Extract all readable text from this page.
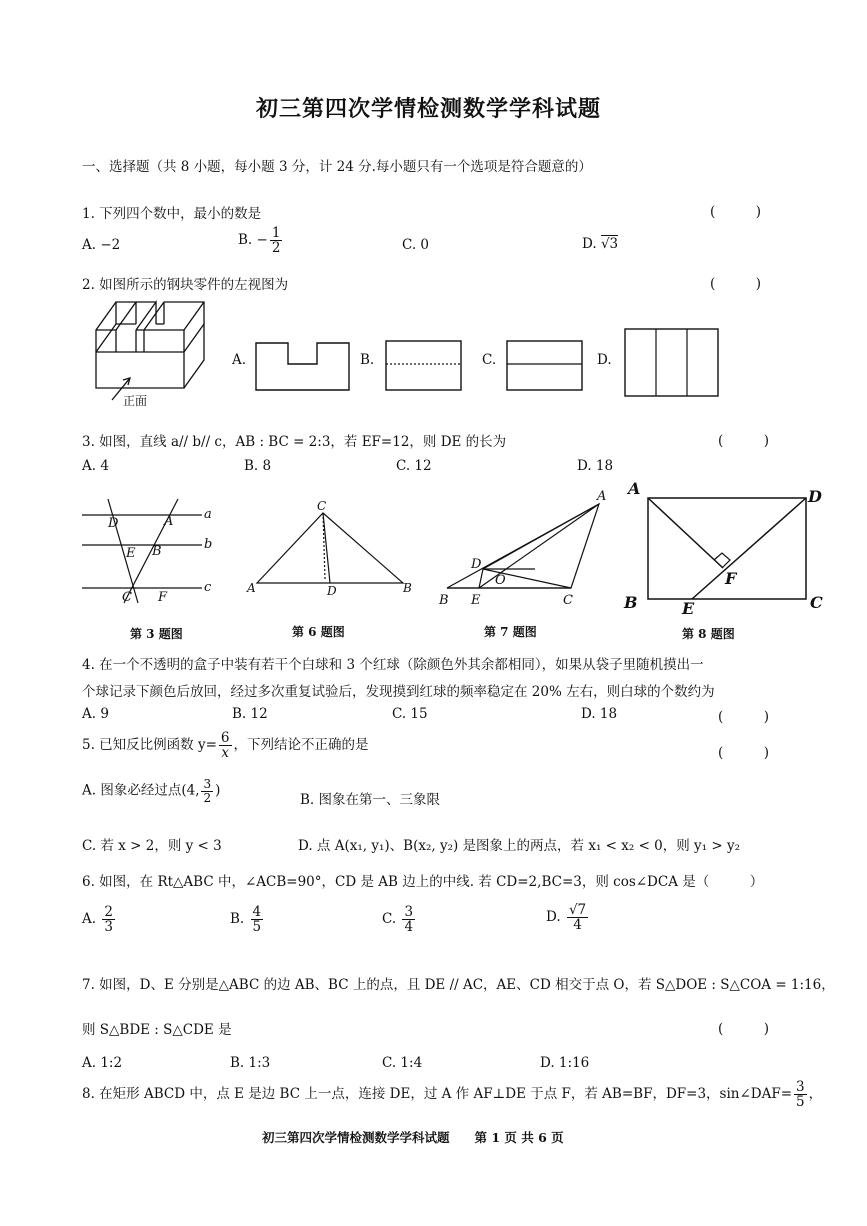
初三第四次学情检测数学学科试题
一、选择题（共 8 小题，每小题 3 分，计 24 分.每小题只有一个选项是符合题意的）
1. 下列四个数中，最小的数是	(　　　)
A. −2	B. − $\frac{1}{2}$	C. 0	D. √3
2. 如图所示的钢块零件的左视图为	(　　　)
正面
A.	B.	C.	D.
3. 如图，直线 a// b// c，AB : BC = 2:3，若 EF=12，则 DE 的长为	(　　　)
A. 4	B. 8	C. 12	D. 18
D	A a
E B	b
C F
c
第 3 题图
C
A	D	B
第 6 题图
A
D
O
B E	C
第 7 题图
A	D
F
B	E	C
第 8 题图
4. 在一个不透明的盒子中装有若干个白球和 3 个红球（除颜色外其余都相同），如果从袋子里随机摸出一
个球记录下颜色后放回，经过多次重复试验后，发现摸到红球的频率稳定在 20% 左右，则白球的个数约为
A. 9	B. 12	C. 15	D. 18	(　　　)
5. 已知反比例函数 $y= \frac{6}{x}$ ，下列结论不正确的是	(　　　)
A. 图象必经过点(4, $\frac{3}{2}$ )
B. 图象在第一、三象限
C. 若 x > 2，则 y < 3	D. 点 A(x₁, y₁)、B(x₂, y₂) 是图象上的两点，若 x₁ < x₂ < 0，则 y₁ > y₂
6. 如图，在 Rt△ABC 中，∠ACB=90°，CD 是 AB 边上的中线. 若 CD=2,BC=3，则 cos∠DCA 是（　　　）
A. $\frac{2}{3}$	B. $\frac{4}{5}$	C. $\frac{3}{4}$	D. $\frac{√7}{4}$
7. 如图，D、E 分别是△ABC 的边 AB、BC 上的点，且 DE // AC，AE、CD 相交于点 O，若 S△DOE : S△COA = 1:16，
则 S△BDE : S△CDE 是	(　　　)
A. 1:2	B. 1:3	C. 1:4	D. 1:16
8. 在矩形 ABCD 中，点 E 是边 BC 上一点，连接 DE，过 A 作 AF⊥DE 于点 F，若 AB=BF，DF=3，sin∠DAF= $\frac{3}{5}$ ，
初三第四次学情检测数学学科试题　　第 1 页 共 6 页
